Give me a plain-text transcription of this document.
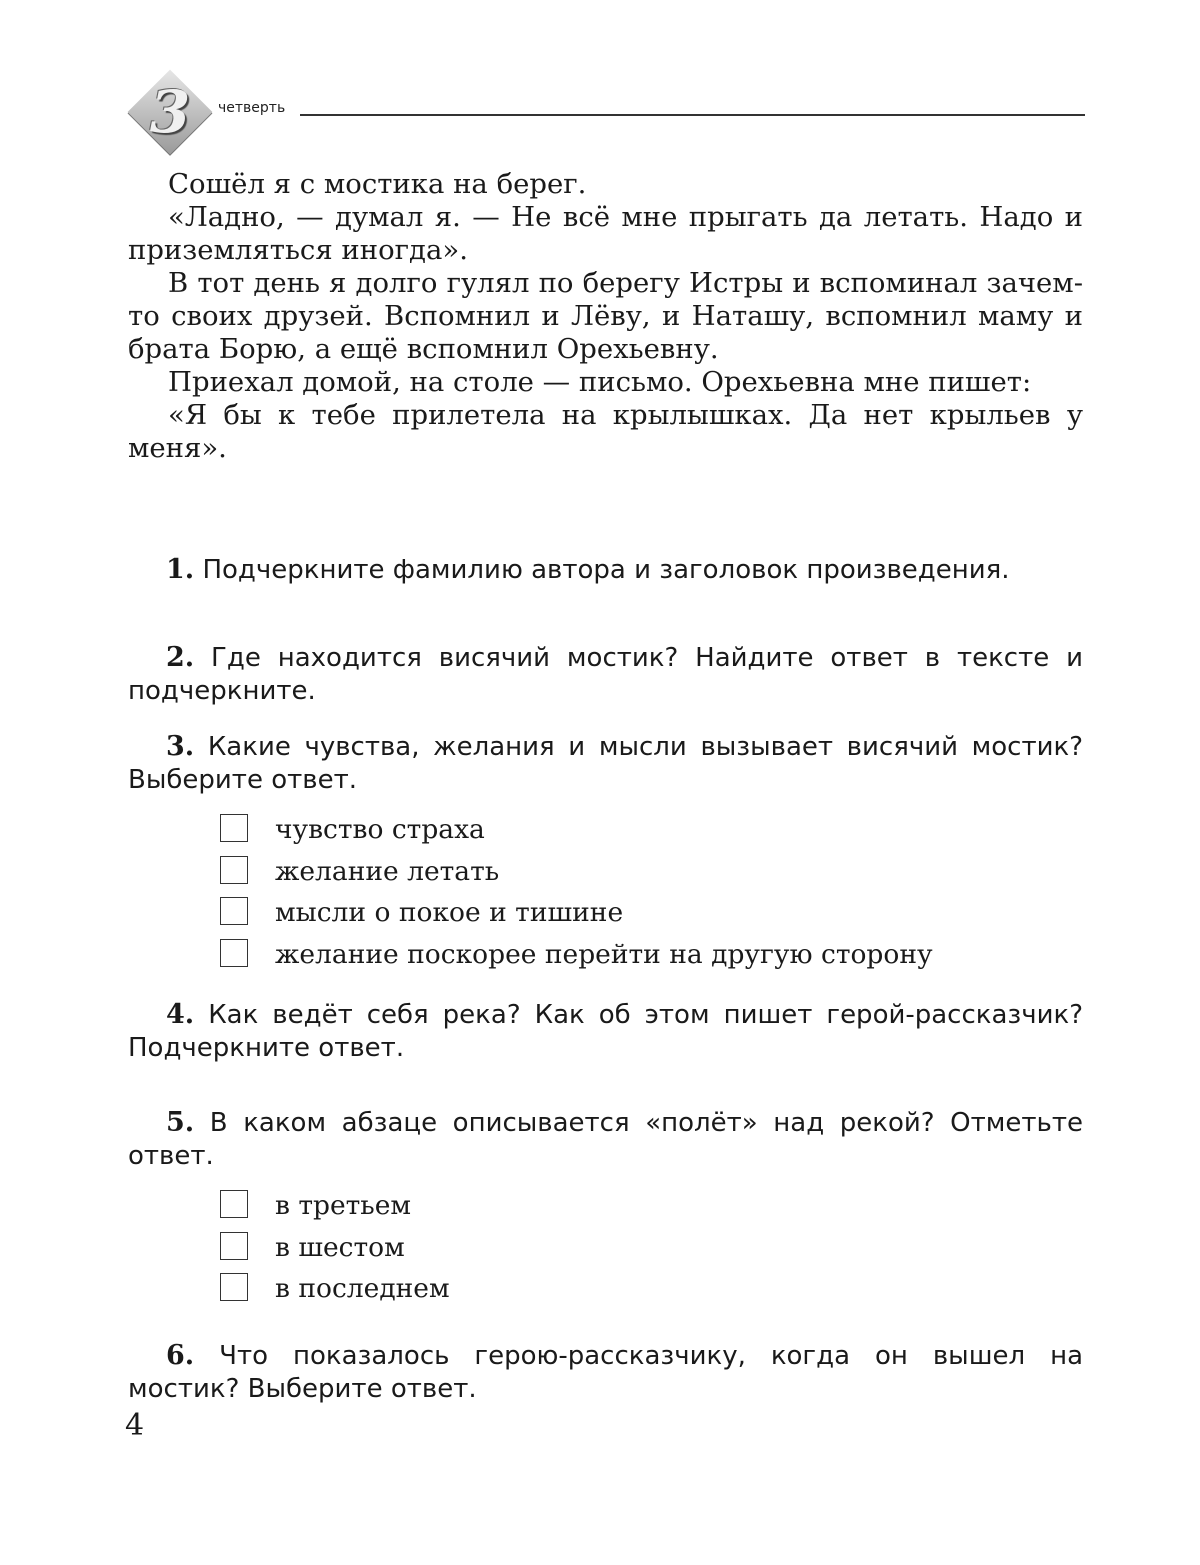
3	четверть

Сошёл я с мостика на берег.

«Ладно, — думал я. — Не всё мне прыгать да летать. Надо и приземляться иногда».

В тот день я долго гулял по берегу Истры и вспоминал зачем-то своих друзей. Вспомнил и Лёву, и Наташу, вспомнил маму и брата Борю, а ещё вспомнил Орехьевну.

Приехал домой, на столе — письмо. Орехьевна мне пишет:

«Я бы к тебе прилетела на крылышках. Да нет крыльев у меня».

1. Подчеркните фамилию автора и заголовок произведения.

2. Где находится висячий мостик? Найдите ответ в тексте и подчеркните.

3. Какие чувства, желания и мысли вызывает висячий мостик? Выберите ответ.

чувство страха
желание летать
мысли о покое и тишине
желание поскорее перейти на другую сторону

4. Как ведёт себя река? Как об этом пишет герой-рассказчик? Подчеркните ответ.

5. В каком абзаце описывается «полёт» над рекой? Отметьте ответ.

в третьем
в шестом
в последнем

6. Что показалось герою-рассказчику, когда он вышел на мостик? Выберите ответ.

4
